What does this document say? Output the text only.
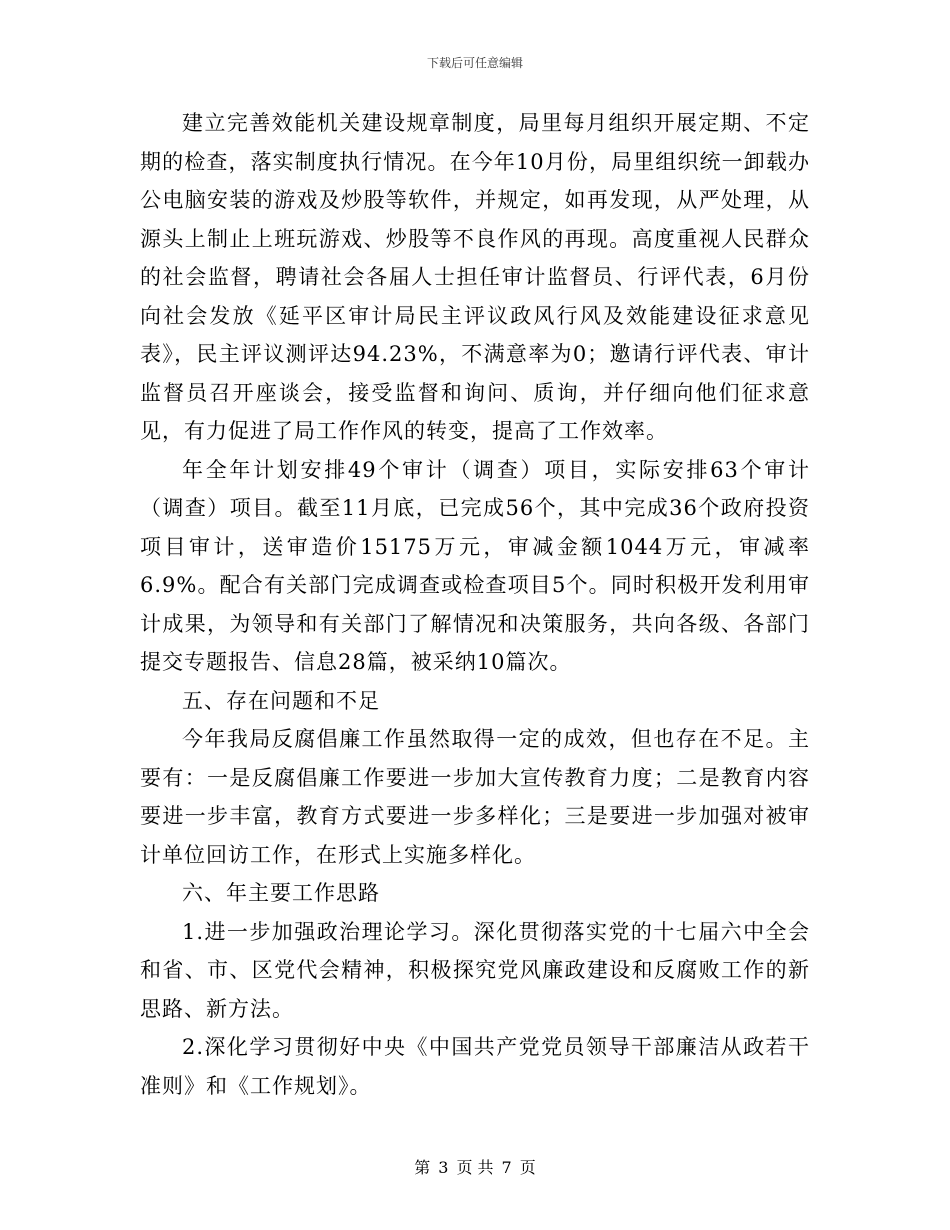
下载后可任意编辑

建立完善效能机关建设规章制度，局里每月组织开展定期、不定期的检查，落实制度执行情况。在今年10月份，局里组织统一卸载办公电脑安装的游戏及炒股等软件，并规定，如再发现，从严处理，从源头上制止上班玩游戏、炒股等不良作风的再现。高度重视人民群众的社会监督，聘请社会各届人士担任审计监督员、行评代表，6月份向社会发放《延平区审计局民主评议政风行风及效能建设征求意见表》，民主评议测评达94.23%，不满意率为0；邀请行评代表、审计监督员召开座谈会，接受监督和询问、质询，并仔细向他们征求意见，有力促进了局工作作风的转变，提高了工作效率。

年全年计划安排49个审计（调查）项目，实际安排63个审计（调查）项目。截至11月底，已完成56个，其中完成36个政府投资项目审计，送审造价15175万元，审减金额1044万元，审减率6.9%。配合有关部门完成调查或检查项目5个。同时积极开发利用审计成果，为领导和有关部门了解情况和决策服务，共向各级、各部门提交专题报告、信息28篇，被采纳10篇次。

五、存在问题和不足

今年我局反腐倡廉工作虽然取得一定的成效，但也存在不足。主要有：一是反腐倡廉工作要进一步加大宣传教育力度；二是教育内容要进一步丰富，教育方式要进一步多样化；三是要进一步加强对被审计单位回访工作，在形式上实施多样化。

六、年主要工作思路

1.进一步加强政治理论学习。深化贯彻落实党的十七届六中全会和省、市、区党代会精神，积极探究党风廉政建设和反腐败工作的新思路、新方法。

2.深化学习贯彻好中央《中国共产党党员领导干部廉洁从政若干准则》和《工作规划》。

第 3 页 共 7 页
